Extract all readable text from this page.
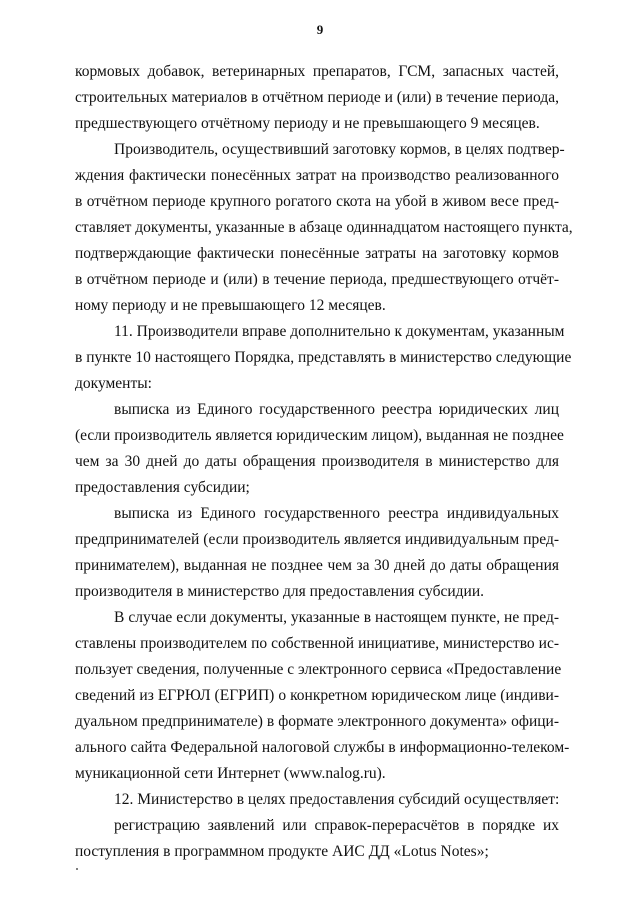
9
кормовых добавок, ветеринарных препаратов, ГСМ, запасных частей,
строительных материалов в отчётном периоде и (или) в течение периода,
предшествующего отчётному периоду и не превышающего 9 месяцев.
Производитель, осуществивший заготовку кормов, в целях подтвер-
ждения фактически понесённых затрат на производство реализованного
в отчётном периоде крупного рогатого скота на убой в живом весе пред-
ставляет документы, указанные в абзаце одиннадцатом настоящего пункта,
подтверждающие фактически понесённые затраты на заготовку кормов
в отчётном периоде и (или) в течение периода, предшествующего отчёт-
ному периоду и не превышающего 12 месяцев.
11. Производители вправе дополнительно к документам, указанным
в пункте 10 настоящего Порядка, представлять в министерство следующие
документы:
выписка из Единого государственного реестра юридических лиц
(если производитель является юридическим лицом), выданная не позднее
чем за 30 дней до даты обращения производителя в министерство для
предоставления субсидии;
выписка из Единого государственного реестра индивидуальных
предпринимателей (если производитель является индивидуальным пред-
принимателем), выданная не позднее чем за 30 дней до даты обращения
производителя в министерство для предоставления субсидии.
В случае если документы, указанные в настоящем пункте, не пред-
ставлены производителем по собственной инициативе, министерство ис-
пользует сведения, полученные с электронного сервиса «Предоставление
сведений из ЕГРЮЛ (ЕГРИП) о конкретном юридическом лице (индиви-
дуальном предпринимателе) в формате электронного документа» офици-
ального сайта Федеральной налоговой службы в информационно-телеком-
муникационной сети Интернет (www.nalog.ru).
12. Министерство в целях предоставления субсидий осуществляет:
регистрацию заявлений или справок-перерасчётов в порядке их
поступления в программном продукте АИС ДД «Lotus Notes»;
